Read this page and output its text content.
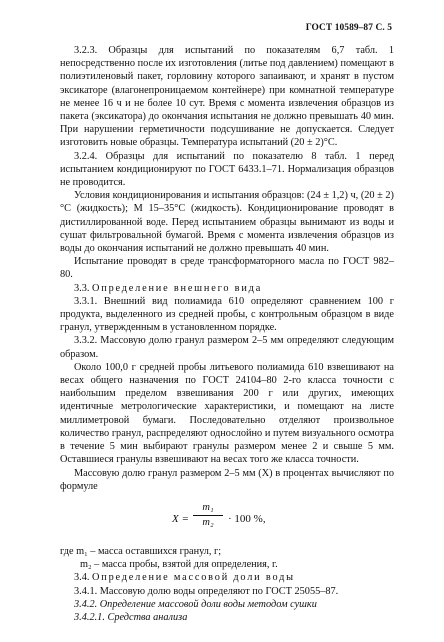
ГОСТ 10589–87 С. 5

3.2.3. Образцы для испытаний по показателям 6,7 табл. 1 непосредственно после их изготовления (литье под давлением) помещают в полиэтиленовый пакет, горловину которого запаивают, и хранят в пустом эксикаторе (влагонепроницаемом контейнере) при комнатной температуре не менее 16 ч и не более 10 сут. Время с момента извлечения образцов из пакета (эксикатора) до окончания испытания не должно превышать 40 мин. При нарушении герметичности подсушивание не допускается. Следует изготовить новые образцы. Температура испытаний (20 ± 2)°С.

3.2.4. Образцы для испытаний по показателю 8 табл. 1 перед испытанием кондиционируют по ГОСТ 6433.1–71. Нормализация образцов не проводится.

Условия кондиционирования и испытания образцов: (24 ± 1,2) ч, (20 ± 2)°С (жидкость); М 15–35°С (жидкость). Кондиционирование проводят в дистиллированной воде. Перед испытанием образцы вынимают из воды и сушат фильтровальной бумагой. Время с момента извлечения образцов из воды до окончания испытаний не должно превышать 40 мин.

Испытание проводят в среде трансформаторного масла по ГОСТ 982–80.

3.3. Определение внешнего вида

3.3.1. Внешний вид полиамида 610 определяют сравнением 100 г продукта, выделенного из средней пробы, с контрольным образцом в виде гранул, утвержденным в установленном порядке.

3.3.2. Массовую долю гранул размером 2–5 мм определяют следующим образом.

Около 100,0 г средней пробы литьевого полиамида 610 взвешивают на весах общего назначения по ГОСТ 24104–80 2-го класса точности с наибольшим пределом взвешивания 200 г или других, имеющих идентичные метрологические характеристики, и помещают на листе миллиметровой бумаги. Последовательно отделяют произвольное количество гранул, распределяют однослойно и путем визуального осмотра в течение 5 мин выбирают гранулы размером менее 2 и свыше 5 мм. Оставшиеся гранулы взвешивают на весах того же класса точности.

Массовую долю гранул размером 2–5 мм (X) в процентах вычисляют по формуле

$X = \frac{\text{m₁}}{\text{m₂}} \cdot 100$ %,

где m₁ – масса оставшихся гранул, г;

m₂ – масса пробы, взятой для определения, г.

3.4. Определение массовой доли воды

3.4.1. Массовую долю воды определяют по ГОСТ 25055–87.

3.4.2. Определение массовой доли воды методом сушки

3.4.2.1. Средства анализа
